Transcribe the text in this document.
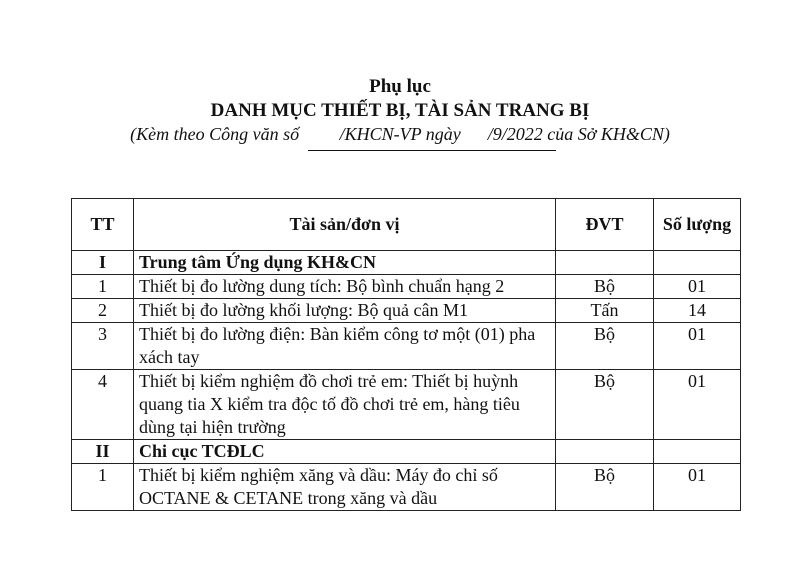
Phụ lục
DANH MỤC THIẾT BỊ, TÀI SẢN TRANG BỊ
(Kèm theo Công văn số         /KHCN-VP ngày      /9/2022 của Sở KH&CN)
TT	Tài sản/đơn vị	ĐVT	Số lượng
I	Trung tâm Ứng dụng KH&CN		
1	Thiết bị đo lường dung tích: Bộ bình chuẩn hạng 2	Bộ	01
2	Thiết bị đo lường khối lượng: Bộ quả cân M1	Tấn	14
3	Thiết bị đo lường điện: Bàn kiểm công tơ một (01) pha xách tay	Bộ	01
4	Thiết bị kiểm nghiệm đồ chơi trẻ em: Thiết bị huỳnh quang tia X kiểm tra độc tố đồ chơi trẻ em, hàng tiêu dùng tại hiện trường	Bộ	01
II	Chi cục TCĐLC		
1	Thiết bị kiểm nghiệm xăng và dầu: Máy đo chỉ số OCTANE & CETANE trong xăng và dầu	Bộ	01
